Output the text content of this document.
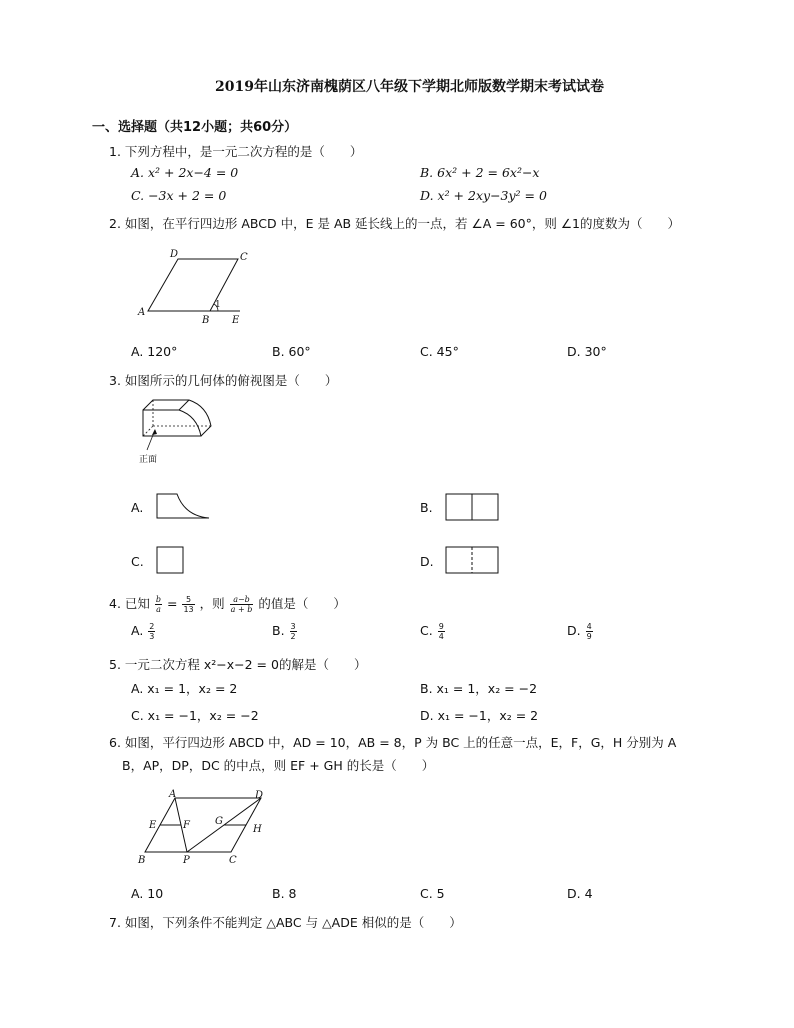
2019年山东济南槐荫区八年级下学期北师版数学期末考试试卷
一、选择题（共12小题；共60分）
1. 下列方程中，是一元二次方程的是（　　）
A. x² + 2x−4 = 0	B. 6x² + 2 = 6x²−x
C. −3x + 2 = 0	D. x² + 2xy−3y² = 0
2. 如图，在平行四边形 ABCD 中，E 是 AB 延长线上的一点，若 ∠A = 60°，则 ∠1的度数为（　　）
D	C
A
B E
1
A. 120°	B. 60°	C. 45°	D. 30°
3. 如图所示的几何体的俯视图是（　　）
正面
A.	B.
C.	D.
4. 已知 $\frac{b}{a} = \frac{5}{13}$ ，则 $\frac{a-b}{a + b}$ 的值是（　　）
A. $\frac{2}{3}$	B. $\frac{3}{2}$	C. $\frac{9}{4}$	D. $\frac{4}{9}$
5. 一元二次方程 x²−x−2 = 0的解是（　　）
A. x₁ = 1，x₂ = 2	B. x₁ = 1，x₂ = −2
C. x₁ = −1，x₂ = −2	D. x₁ = −1，x₂ = 2
6. 如图，平行四边形 ABCD 中，AD = 10，AB = 8，P 为 BC 上的任意一点，E，F，G，H 分别为 A
B，AP，DP，DC 的中点，则 EF + GH 的长是（　　）
A	D
E	F	G
H
B	P	C
A. 10	B. 8	C. 5	D. 4
7. 如图，下列条件不能判定 △ABC 与 △ADE 相似的是（　　）
